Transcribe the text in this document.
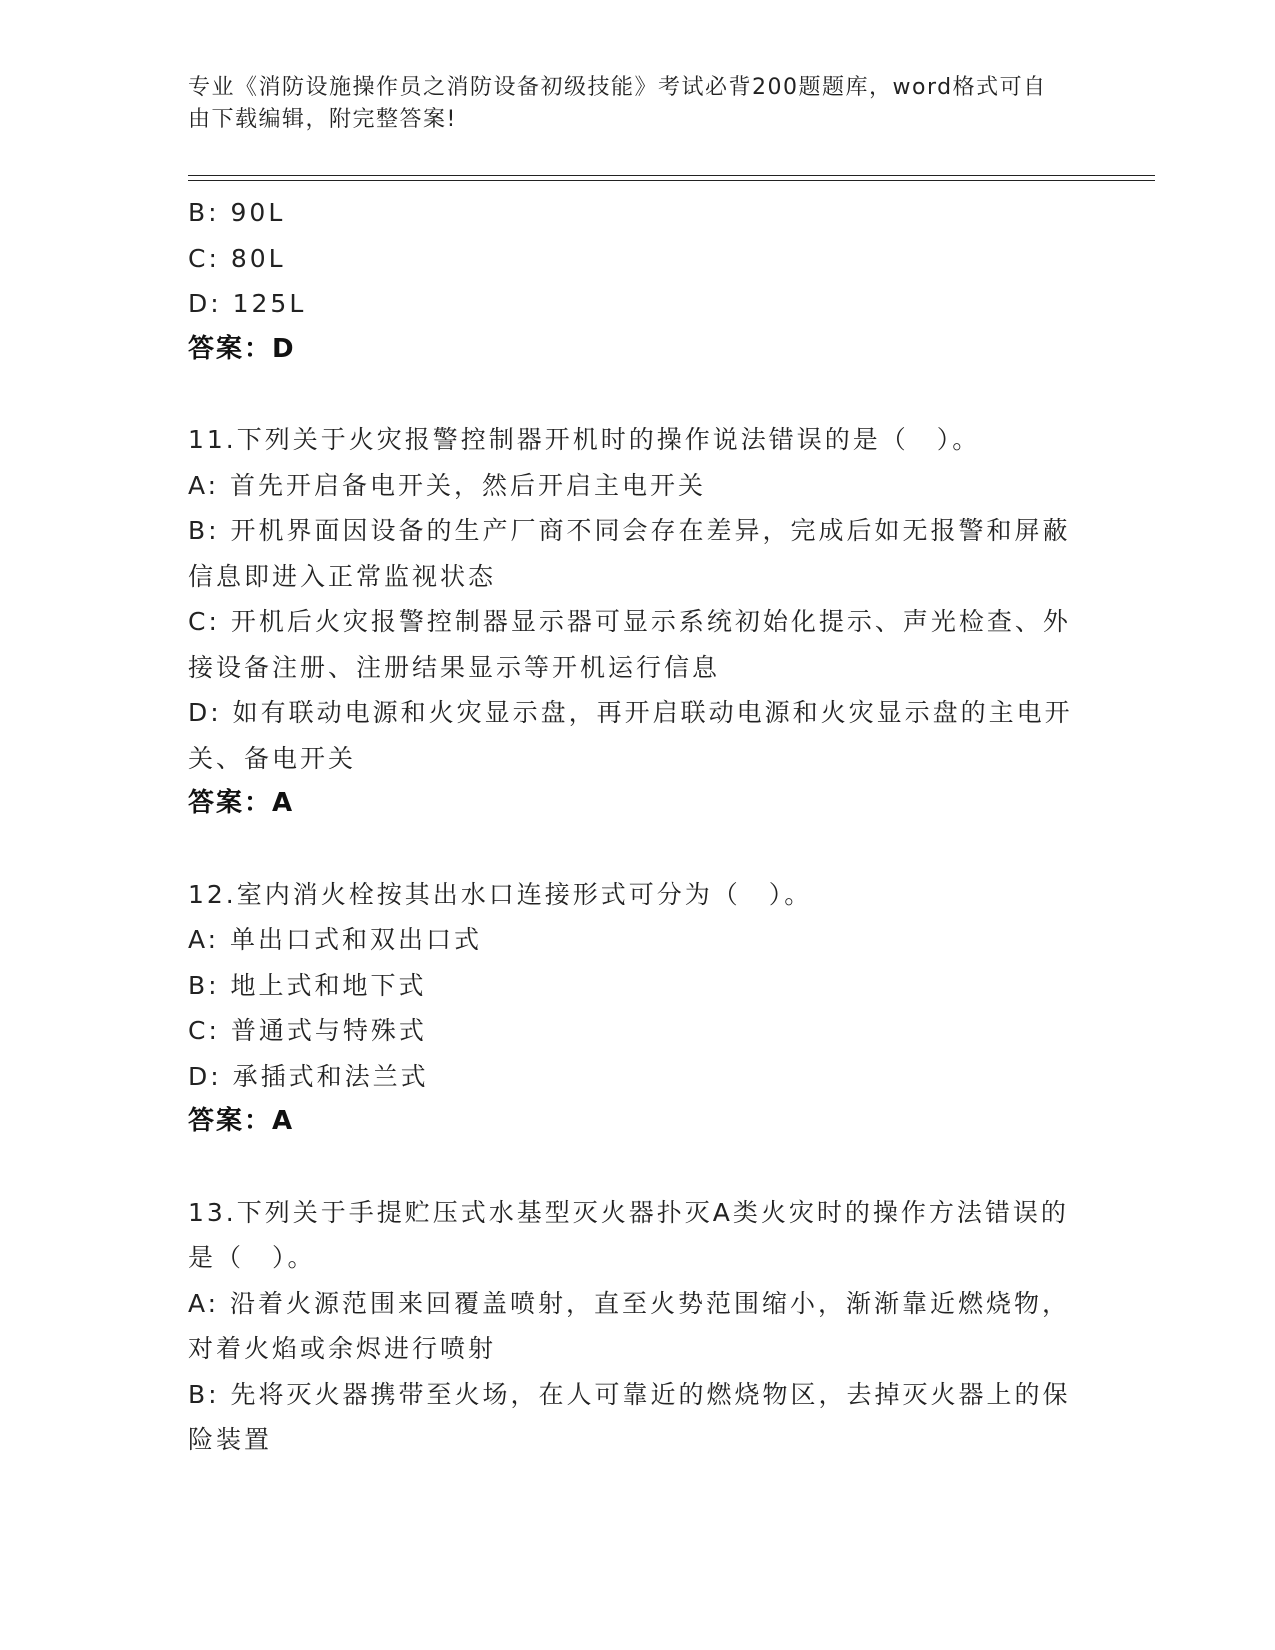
专业《消防设施操作员之消防设备初级技能》考试必背200题题库，word格式可自由下载编辑，附完整答案!
B: 90L
C: 80L
D: 125L
答案：D
11.下列关于火灾报警控制器开机时的操作说法错误的是（　）。
A: 首先开启备电开关，然后开启主电开关
B: 开机界面因设备的生产厂商不同会存在差异，完成后如无报警和屏蔽信息即进入正常监视状态
C: 开机后火灾报警控制器显示器可显示系统初始化提示、声光检查、外接设备注册、注册结果显示等开机运行信息
D: 如有联动电源和火灾显示盘，再开启联动电源和火灾显示盘的主电开关、备电开关
答案：A
12.室内消火栓按其出水口连接形式可分为（　）。
A: 单出口式和双出口式
B: 地上式和地下式
C: 普通式与特殊式
D: 承插式和法兰式
答案：A
13.下列关于手提贮压式水基型灭火器扑灭A类火灾时的操作方法错误的是（　）。
A: 沿着火源范围来回覆盖喷射，直至火势范围缩小，渐渐靠近燃烧物，对着火焰或余烬进行喷射
B: 先将灭火器携带至火场，在人可靠近的燃烧物区，去掉灭火器上的保险装置
